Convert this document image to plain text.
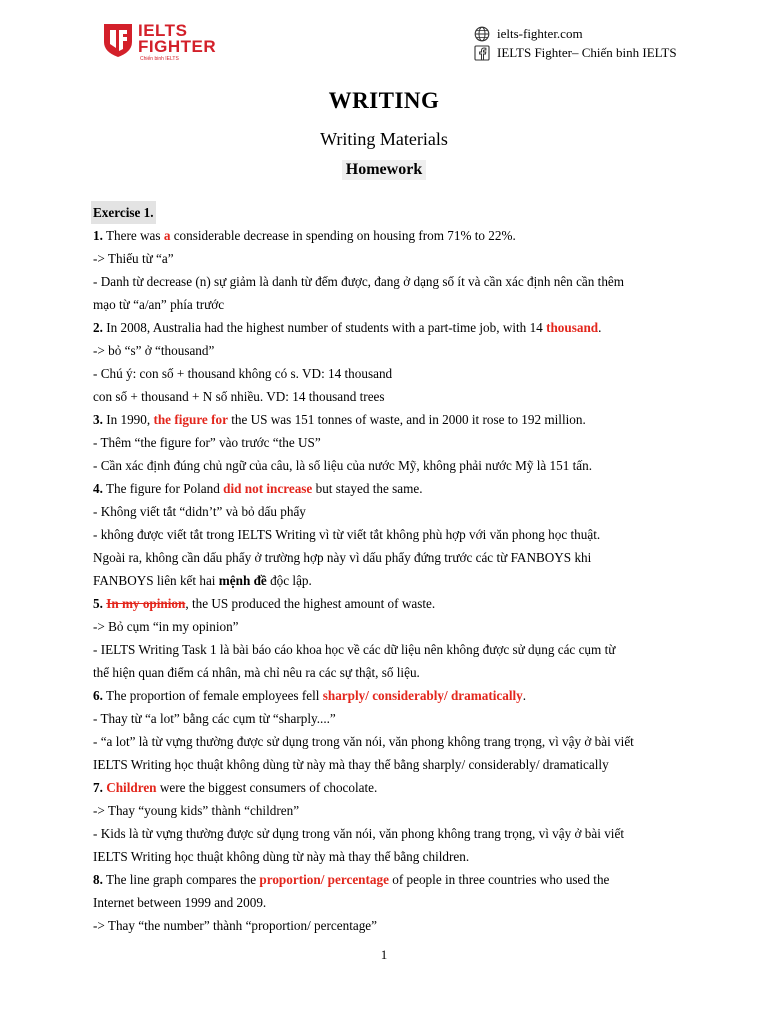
IELTS
FIGHTER
Chiến binh IELTS
ielts-fighter.com
IELTS Fighter– Chiến binh IELTS
WRITING
Writing Materials
Homework
Exercise 1.
1. There was a considerable decrease in spending on housing from 71% to 22%.
-> Thiếu từ “a”
- Danh từ decrease (n) sự giảm là danh từ đếm được, đang ở dạng số ít và cần xác định nên cần thêm
mạo từ “a/an” phía trước
2. In 2008, Australia had the highest number of students with a part-time job, with 14 thousand.
-> bỏ “s” ở “thousand”
- Chú ý: con số + thousand không có s. VD: 14 thousand
con số + thousand + N số nhiều. VD: 14 thousand trees
3. In 1990, the figure for the US was 151 tonnes of waste, and in 2000 it rose to 192 million.
- Thêm “the figure for” vào trước “the US”
- Cần xác định đúng chủ ngữ của câu, là số liệu của nước Mỹ, không phải nước Mỹ là 151 tấn.
4. The figure for Poland did not increase but stayed the same.
- Không viết tắt “didn’t” và bỏ dấu phẩy
- không được viết tắt trong IELTS Writing vì từ viết tắt không phù hợp với văn phong học thuật.
Ngoài ra, không cần dấu phẩy ở trường hợp này vì dấu phẩy đứng trước các từ FANBOYS khi
FANBOYS liên kết hai mệnh đề độc lập.
5. In my opinion, the US produced the highest amount of waste.
-> Bỏ cụm “in my opinion”
- IELTS Writing Task 1 là bài báo cáo khoa học về các dữ liệu nên không được sử dụng các cụm từ
thể hiện quan điểm cá nhân, mà chỉ nêu ra các sự thật, số liệu.
6. The proportion of female employees fell sharply/ considerably/ dramatically.
- Thay từ “a lot” bằng các cụm từ “sharply....”
- “a lot” là từ vựng thường được sử dụng trong văn nói, văn phong không trang trọng, vì vậy ở bài viết
IELTS Writing học thuật không dùng từ này mà thay thế bằng sharply/ considerably/ dramatically
7. Children were the biggest consumers of chocolate.
-> Thay “young kids” thành “children”
- Kids là từ vựng thường được sử dụng trong văn nói, văn phong không trang trọng, vì vậy ở bài viết
IELTS Writing học thuật không dùng từ này mà thay thế bằng children.
8. The line graph compares the proportion/ percentage of people in three countries who used the
Internet between 1999 and 2009.
-> Thay “the number” thành “proportion/ percentage”
1
